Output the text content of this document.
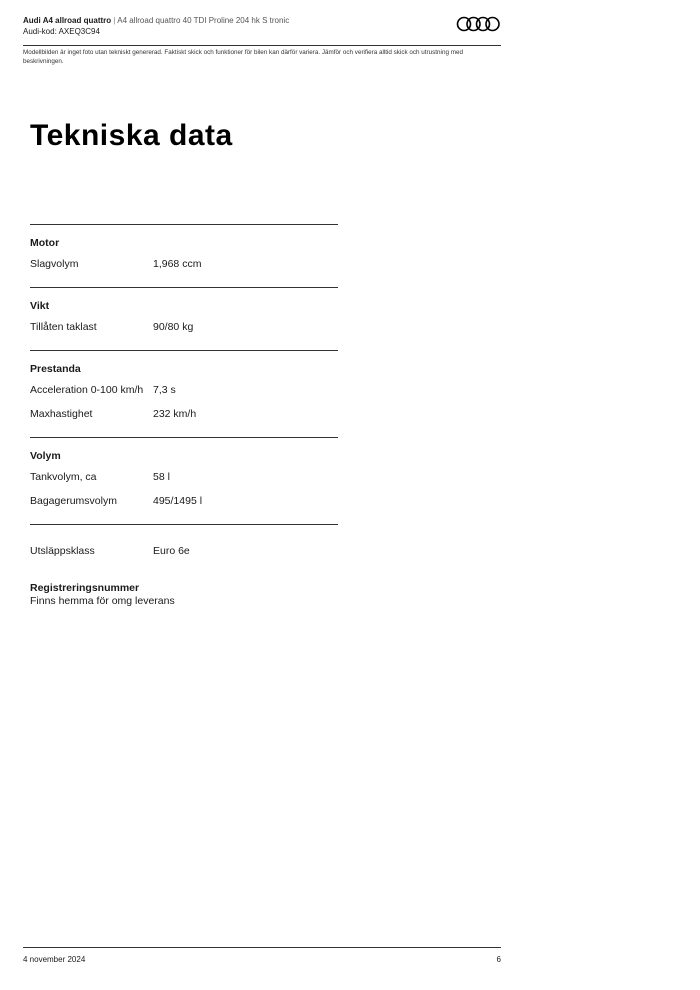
Audi A4 allroad quattro | A4 allroad quattro 40 TDI Proline 204 hk S tronic
Audi-kod: AXEQ3C94
Modellbilden är inget foto utan tekniskt genererad. Faktiskt skick och funktioner för bilen kan därför variera. Jämför och verifiera alltid skick och utrustning med beskrivningen.
Tekniska data
Motor
Slagvolym	1,968 ccm
Vikt
Tillåten taklast	90/80 kg
Prestanda
Acceleration 0-100 km/h 7,3 s
Maxhastighet	232 km/h
Volym
Tankvolym, ca	58 l
Bagagerumsvolym	495/1495 l
Utsläppsklass	Euro 6e
Registreringsnummer
Finns hemma för omg leverans
4 november 2024	6
